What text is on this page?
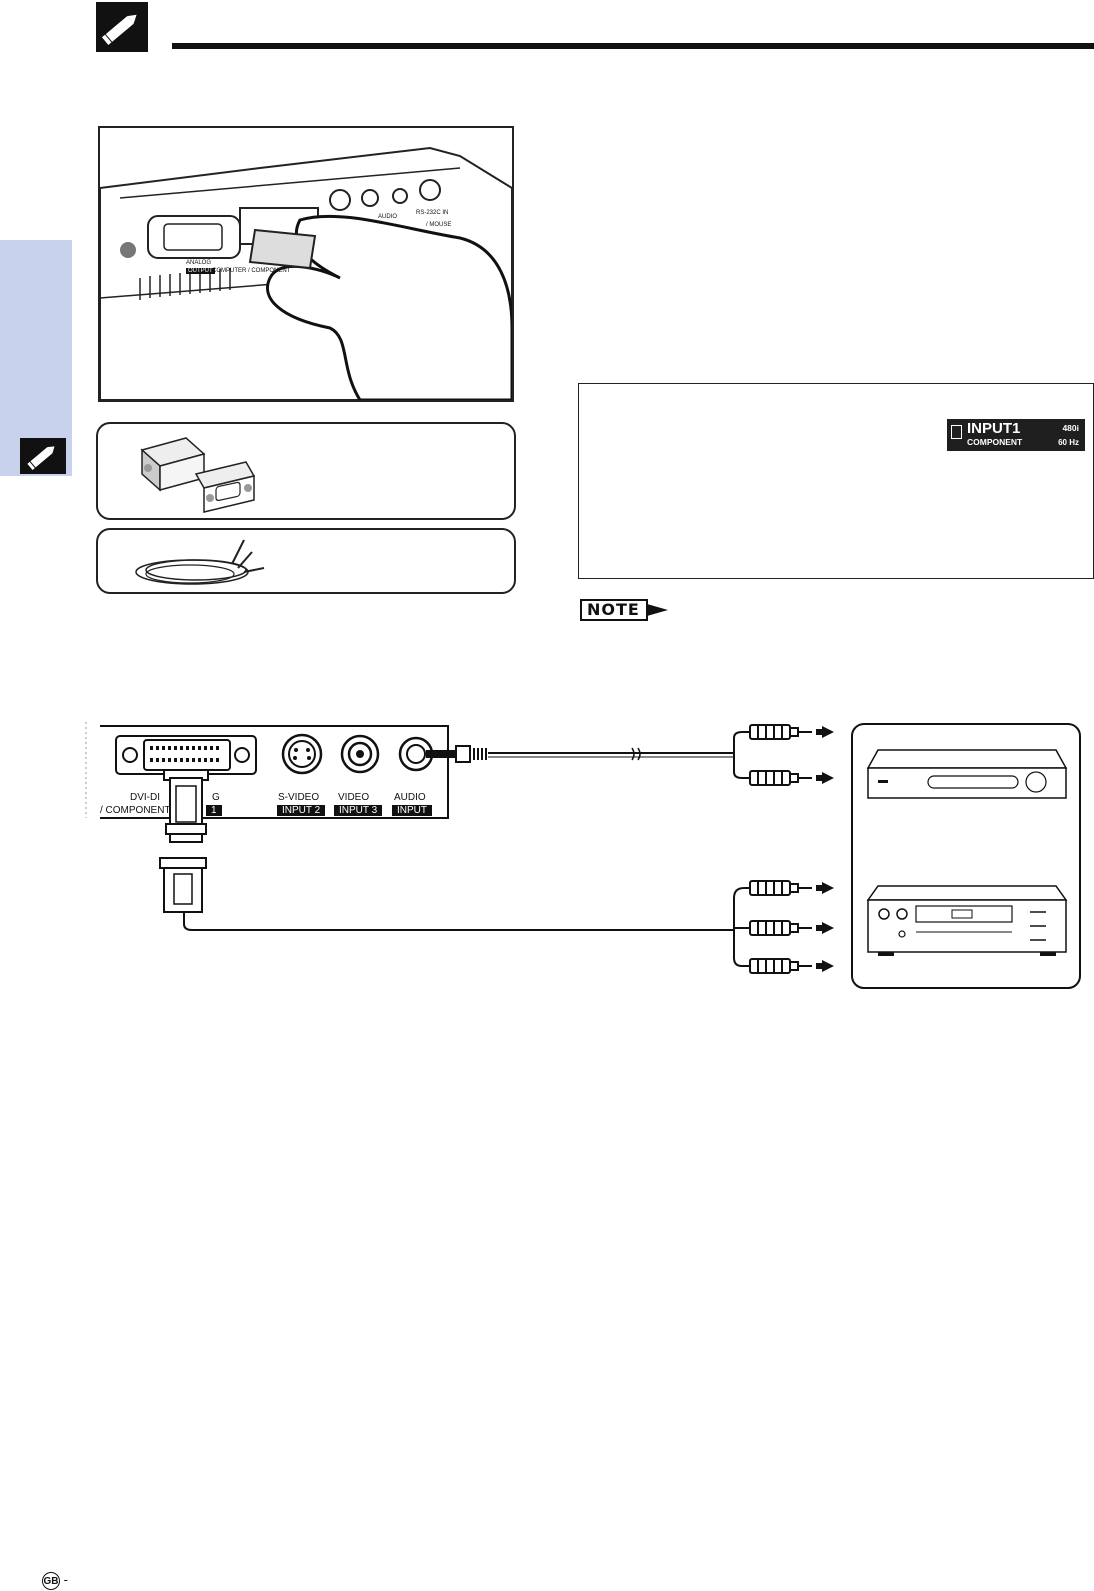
ANALOG
OUTPUT COMPUTER / COMPONENT
RS-232C IN
/ MOUSE
AUDIO
INPUT1
COMPONENT
480i
60 Hz
NOTE
DVI-DI
/ COMPONENT
G
1
S-VIDEO
INPUT 2
VIDEO
INPUT 3
AUDIO
INPUT
GB -
